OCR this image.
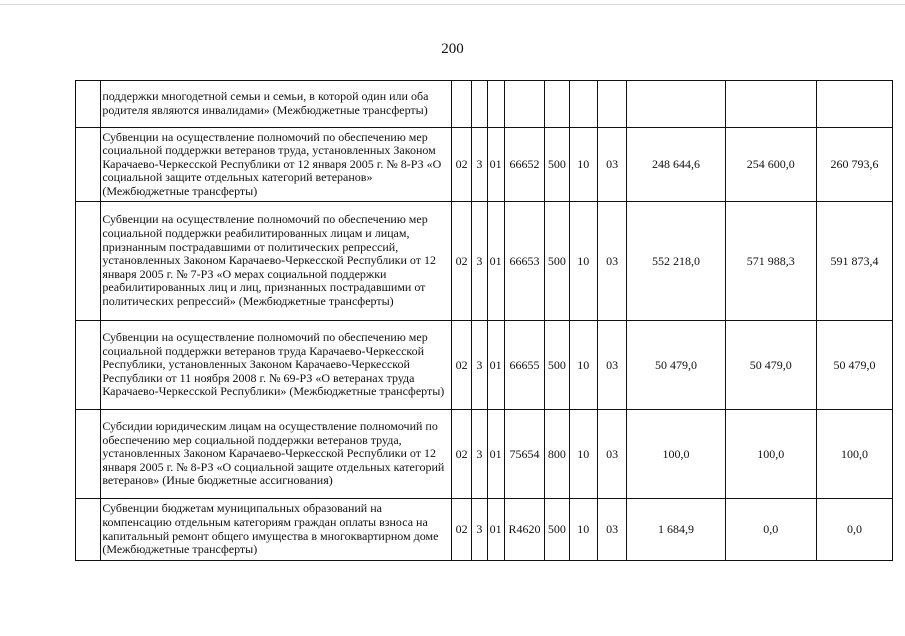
200
	поддержки многодетной семьи и семьи, в которой один или оба родителя являются инвалидами» (Межбюджетные трансферты)										
	Субвенции на осуществление полномочий по обеспечению мер социальной поддержки ветеранов труда, установленных Законом Карачаево-Черкесской Республики от 12 января 2005 г. № 8-РЗ «О социальной защите отдельных категорий ветеранов» (Межбюджетные трансферты)	02	3	01	66652	500	10	03	248 644,6	254 600,0	260 793,6
	Субвенции на осуществление полномочий по обеспечению мер социальной поддержки реабилитированных лицам и лицам, признанным пострадавшими от политических репрессий, установленных Законом Карачаево-Черкесской Республики от 12 января 2005 г. № 7-РЗ «О мерах социальной поддержки реабилитированных лиц и лиц, признанных пострадавшими от политических репрессий» (Межбюджетные трансферты)	02	3	01	66653	500	10	03	552 218,0	571 988,3	591 873,4
	Субвенции на осуществление полномочий по обеспечению мер социальной поддержки ветеранов труда Карачаево-Черкесской Республики, установленных Законом Карачаево-Черкесской Республики от 11 ноября 2008 г. № 69-РЗ «О ветеранах труда Карачаево-Черкесской Республики» (Межбюджетные трансферты)	02	3	01	66655	500	10	03	50 479,0	50 479,0	50 479,0
	Субсидии юридическим лицам на осуществление полномочий по обеспечению мер социальной поддержки ветеранов труда, установленных Законом Карачаево-Черкесской Республики от 12 января 2005 г. № 8-РЗ «О социальной защите отдельных категорий ветеранов» (Иные бюджетные ассигнования)	02	3	01	75654	800	10	03	100,0	100,0	100,0
	Субвенции бюджетам муниципальных образований на компенсацию отдельным категориям граждан оплаты взноса на капитальный ремонт общего имущества в многоквартирном доме (Межбюджетные трансферты)	02	3	01	R4620	500	10	03	1 684,9	0,0	0,0
